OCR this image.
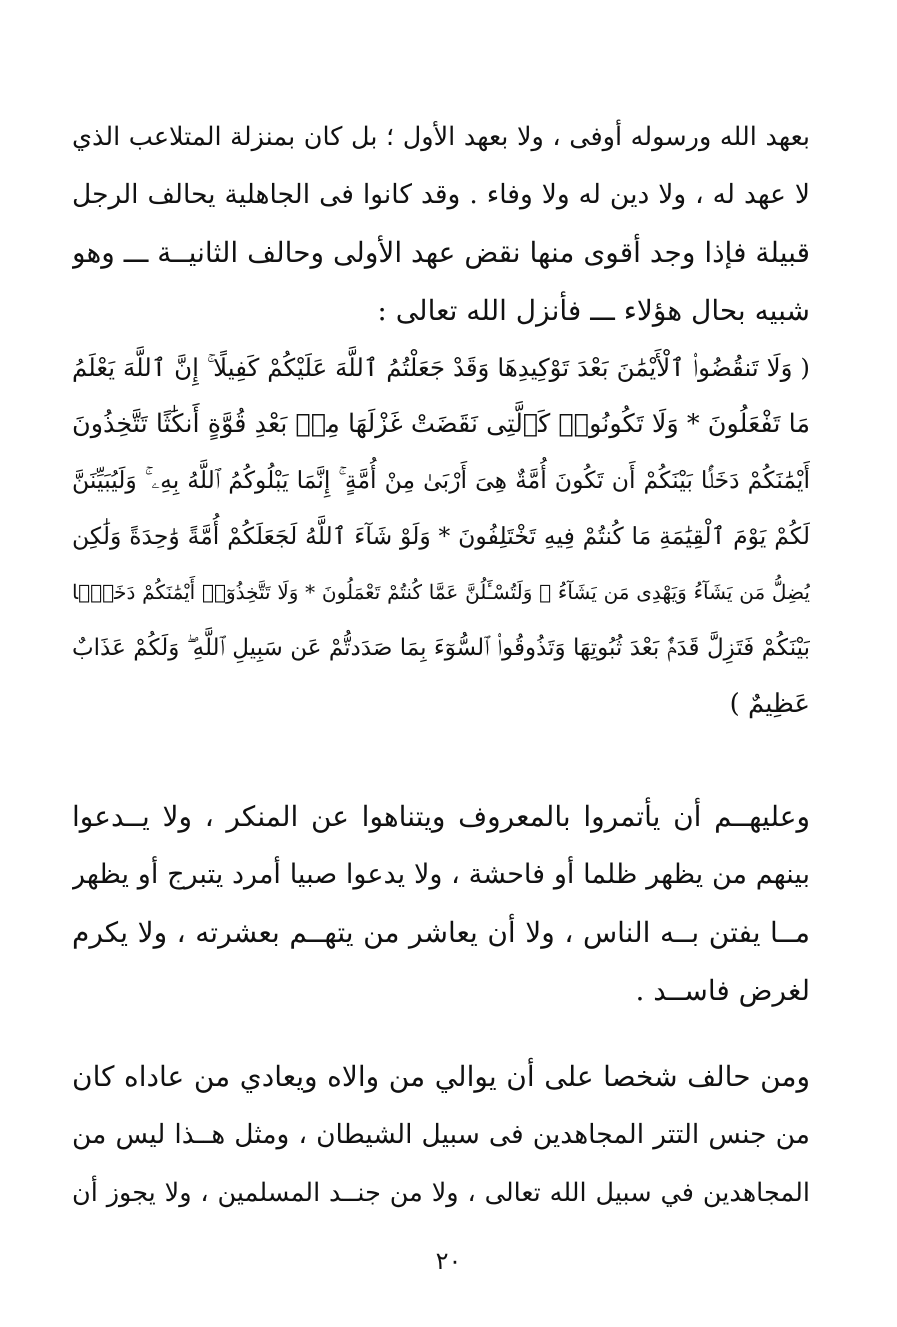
بعهد الله ورسوله أوفى ، ولا بعهد الأول ؛ بل كان بمنزلة المتلاعب الذي
لا عهد له ، ولا دين له ولا وفاء . وقد كانوا فى الجاهلية يحالف الرجل
قبيلة فإذا وجد أقوى منها نقض عهد الأولى وحالف الثانيــة ـــ وهو
شبيه بحال هؤلاء ـــ فأنزل الله تعالى :
( وَلَا تَنقُضُوا۟ ٱلْأَيْمَٰنَ بَعْدَ تَوْكِيدِهَا وَقَدْ جَعَلْتُمُ ٱللَّهَ عَلَيْكُمْ كَفِيلًا ۚ إِنَّ ٱللَّهَ يَعْلَمُ
مَا تَفْعَلُونَ * وَلَا تَكُونُوا۟ كَٱلَّتِى نَقَضَتْ غَزْلَهَا مِنۢ بَعْدِ قُوَّةٍ أَنكَٰثًا تَتَّخِذُونَ
أَيْمَٰنَكُمْ دَخَلًۢا بَيْنَكُمْ أَن تَكُونَ أُمَّةٌ هِىَ أَرْبَىٰ مِنْ أُمَّةٍ ۚ إِنَّمَا يَبْلُوكُمُ ٱللَّهُ بِهِۦ ۚ وَلَيُبَيِّنَنَّ
لَكُمْ يَوْمَ ٱلْقِيَٰمَةِ مَا كُنتُمْ فِيهِ تَخْتَلِفُونَ * وَلَوْ شَآءَ ٱللَّهُ لَجَعَلَكُمْ أُمَّةً وَٰحِدَةً وَلَٰكِن
يُضِلُّ مَن يَشَآءُ وَيَهْدِى مَن يَشَآءُ ۚ وَلَتُسْـَٔلُنَّ عَمَّا كُنتُمْ تَعْمَلُونَ * وَلَا تَتَّخِذُوٓا۟ أَيْمَٰنَكُمْ دَخَلًۢا
بَيْنَكُمْ فَتَزِلَّ قَدَمٌۢ بَعْدَ ثُبُوتِهَا وَتَذُوقُوا۟ ٱلسُّوٓءَ بِمَا صَدَدتُّمْ عَن سَبِيلِ ٱللَّهِ ۖ وَلَكُمْ عَذَابٌ
عَظِيمٌ )
وعليهــم أن يأتمروا بالمعروف ويتناهوا عن المنكر ، ولا يــدعوا
بينهم من يظهر ظلما أو فاحشة ، ولا يدعوا صبيا أمرد يتبرج أو يظهر
مــا يفتن بــه الناس ، ولا أن يعاشر من يتهــم بعشرته ، ولا يكرم
لغرض فاســد .
ومن حالف شخصا على أن يوالي من والاه ويعادي من عاداه كان
من جنس التتر المجاهدين فى سبيل الشيطان ، ومثل هــذا ليس من
المجاهدين في سبيل الله تعالى ، ولا من جنــد المسلمين ، ولا يجوز أن
٢٠
